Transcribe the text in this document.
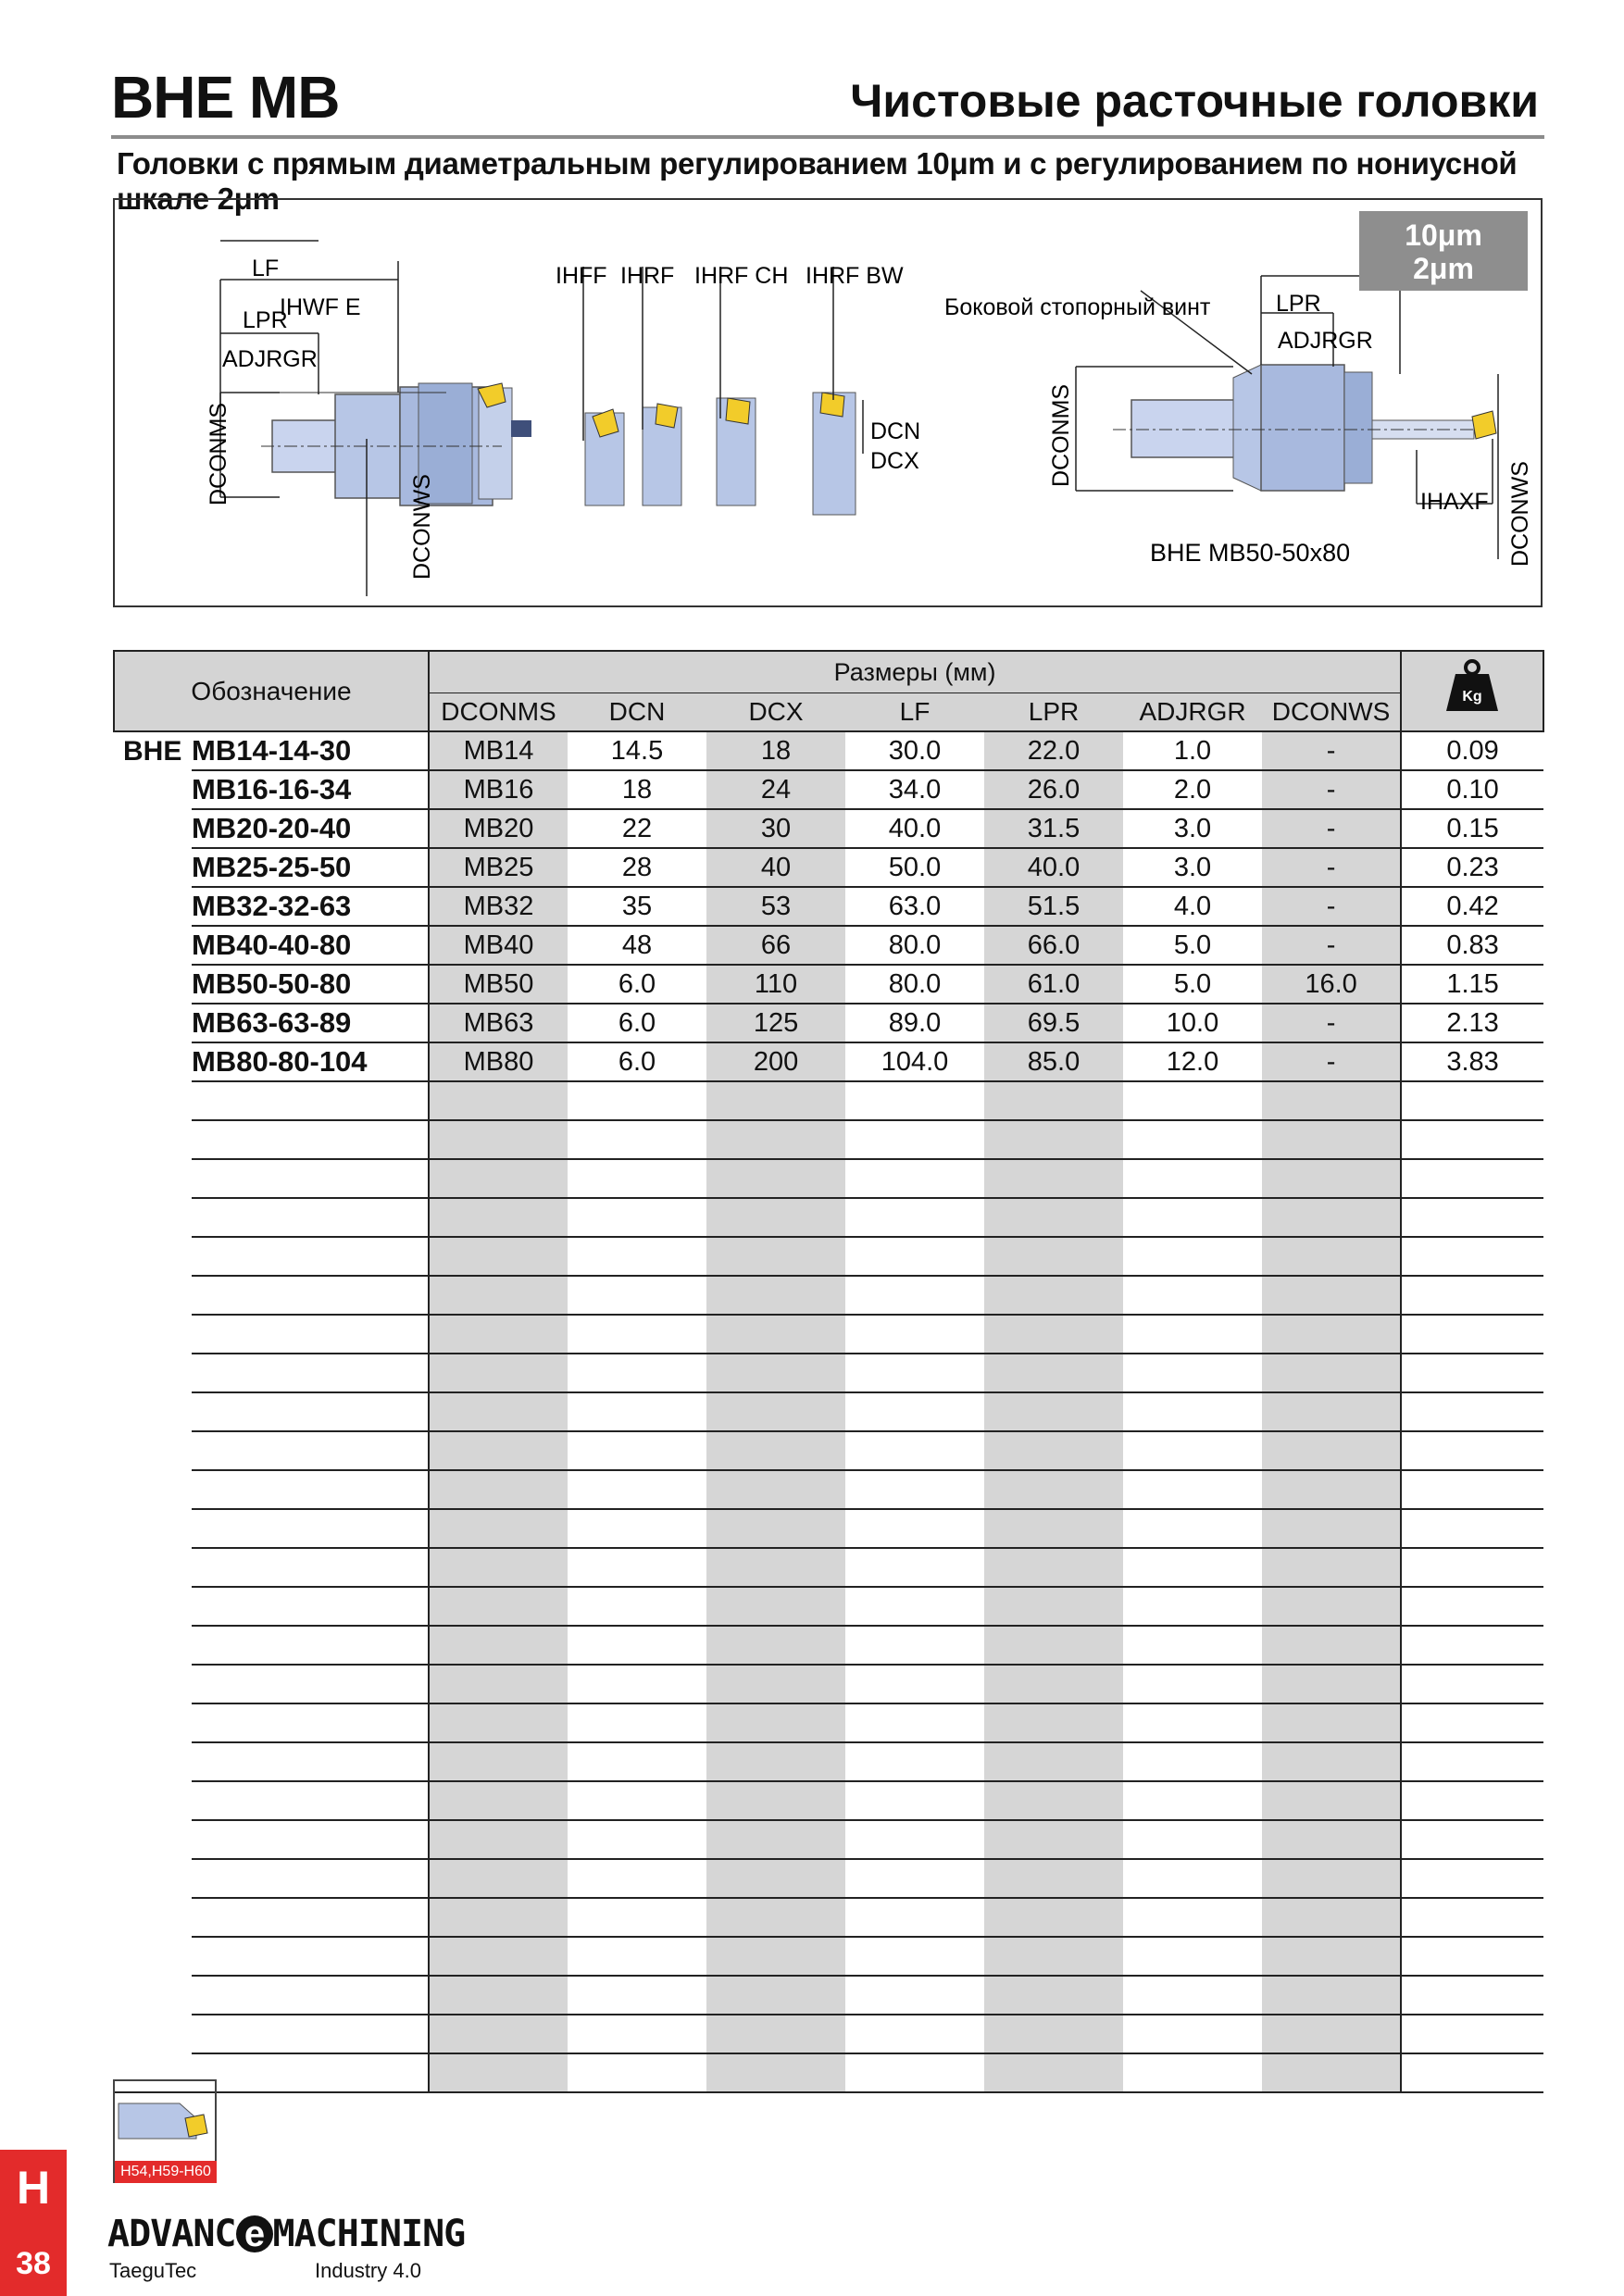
BHE MB	Чистовые расточные головки
Головки с прямым диаметральным регулированием 10μm и с регулированием по нониусной шкале 2μm
LF
IHWF E
LPR
ADJRGR
DCONMS
DCONWS
IHFF IHRF IHRF CH IHRF BW
DCN
DCX
Боковой стопорный винт	LPR
ADJRGR
DCONMS
IHAXF DCONWS
BHE MB50-50x80
10μm
2μm
Обозначение		Размеры (мм)							Kg

		DCONMS	DCN	DCX	LF	LPR	ADJRGR	DCONWS	
BHE	MB14-14-30	MB14	14.5	18	30.0	22.0	1.0	-	0.09
	MB16-16-34	MB16	18	24	34.0	26.0	2.0	-	0.10
	MB20-20-40	MB20	22	30	40.0	31.5	3.0	-	0.15
	MB25-25-50	MB25	28	40	50.0	40.0	3.0	-	0.23
	MB32-32-63	MB32	35	53	63.0	51.5	4.0	-	0.42
	MB40-40-80	MB40	48	66	80.0	66.0	5.0	-	0.83
	MB50-50-80	MB50	6.0	110	80.0	61.0	5.0	16.0	1.15
	MB63-63-89	MB63	6.0	125	89.0	69.5	10.0	-	2.13
	MB80-80-104	MB80	6.0	200	104.0	85.0	12.0	-	3.83

H54,H59-H60
H
38
ADVANC e MACHINING
TaeguTec	Industry 4.0
